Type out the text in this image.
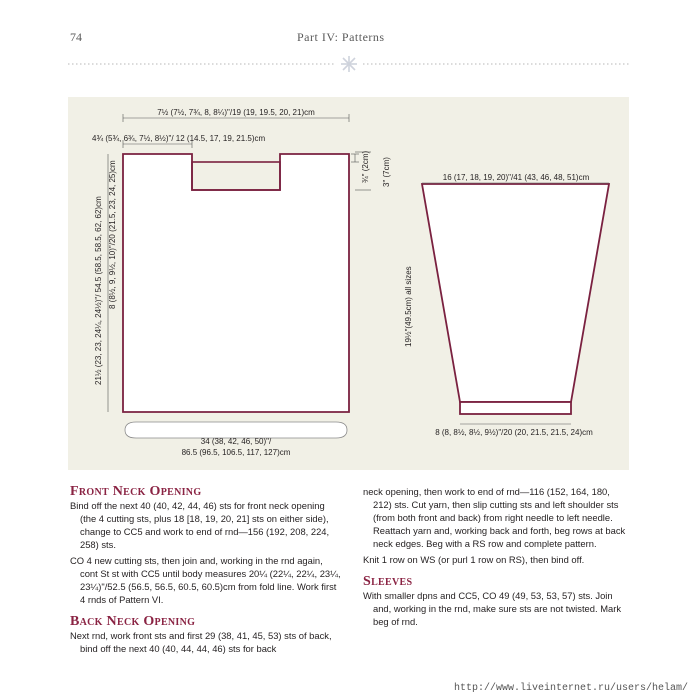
74	Part IV: Patterns
7½ (7½, 7¾, 8, 8¼)"/19 (19, 19.5, 20, 21)cm
4¾ (5¾, 6¾, 7½, 8½)"/ 12 (14.5, 17, 19, 21.5)cm
¾" (2cm) 3" (7cm)
21½ (23, 23, 24¼, 24½)"/ 54.5 (58.5, 58.5, 62, 62)cm 8 (8½, 9, 9½, 10)"/20 (21.5, 23, 24, 25)cm
34 (38, 42, 46, 50)"/
86.5 (96.5, 106.5, 117, 127)cm
16 (17, 18, 19, 20)"/41 (43, 46, 48, 51)cm
19½"(49.5cm) all sizes
8 (8, 8½, 8½, 9½)"/20 (20, 21.5, 21.5, 24)cm
Front Neck Opening

Bind off the next 40 (40, 42, 44, 46) sts for front neck opening (the 4 cutting sts, plus 18 [18, 19, 20, 21] sts on either side), change to CC5 and work to end of rnd—156 (192, 208, 224, 258) sts.

CO 4 new cutting sts, then join and, working in the rnd again, cont St st with CC5 until body measures 20¼ (22¼, 22¼, 23¼, 23¼)"/52.5 (56.5, 56.5, 60.5, 60.5)cm from fold line. Work first 4 rnds of Pattern VI.

Back Neck Opening

Next rnd, work front sts and first 29 (38, 41, 45, 53) sts of back, bind off the next 40 (40, 44, 44, 46) sts for back

neck opening, then work to end of rnd—116 (152, 164, 180, 212) sts. Cut yarn, then slip cutting sts and left shoulder sts (from both front and back) from right needle to left needle. Reattach yarn and, working back and forth, beg rows at back neck edges. Beg with a RS row and complete pattern.

Knit 1 row on WS (or purl 1 row on RS), then bind off.

Sleeves

With smaller dpns and CC5, CO 49 (49, 53, 53, 57) sts. Join and, working in the rnd, make sure sts are not twisted. Mark beg of rnd.

http://www.liveinternet.ru/users/helam/
